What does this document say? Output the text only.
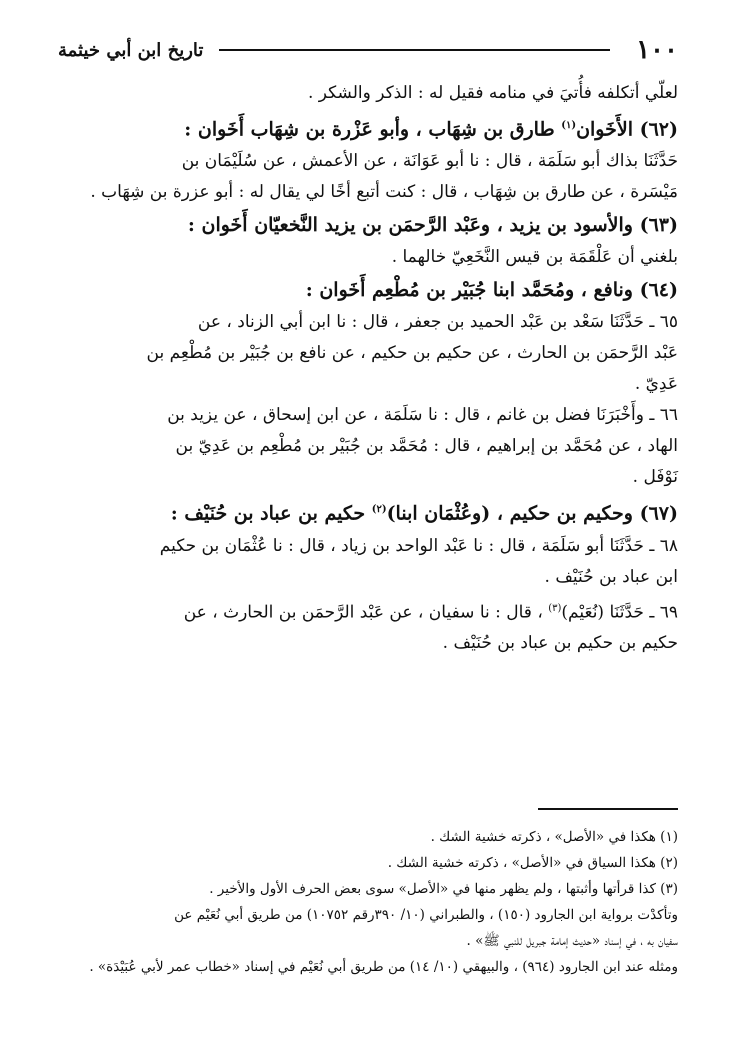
١٠٠
تاريخ ابن أبي خيثمة
لعلّي أتكلفه فأُتيَ في منامه فقيل له : الذكر والشكر .
(٦٢) الأَخَوان$^{(١)}$ طارق بن شِهَاب ، وأبو عَزْرة بن شِهَاب أَخَوان :
حَدَّثَنَا بذاك أبو سَلَمَة ، قال : نا أبو عَوَانَة ، عن الأعمش ، عن سُلَيْمَان بن
مَيْسَرة ، عن طارق بن شِهَاب ، قال : كنت أتبع أخًا لي يقال له : أبو عزرة بن شِهَاب .
(٦٣) والأسود بن يزيد ، وعَبْد الرَّحمَن بن يزيد النَّخعيّان أَخَوان :
بلغني أن عَلْقَمَة بن قيس النَّخَعِيّ خالهما .
(٦٤) ونافع ، ومُحَمَّد ابنا جُبَيْر بن مُطْعِم أَخَوان :
٦٥ ـ حَدَّثَنَا سَعْد بن عَبْد الحميد بن جعفر ، قال : نا ابن أبي الزناد ، عن
عَبْد الرَّحمَن بن الحارث ، عن حكيم بن حكيم ، عن نافع بن جُبَيْر بن مُطْعِم بن
عَدِيّ .
٦٦ ـ وأَخْبَرَنَا فضل بن غانم ، قال : نا سَلَمَة ، عن ابن إسحاق ، عن يزيد بن
الهاد ، عن مُحَمَّد بن إبراهيم ، قال : مُحَمَّد بن جُبَيْر بن مُطْعِم بن عَدِيّ بن
نَوْفَل .
(٦٧) وحكيم بن حكيم ، (وعُثْمَان ابنا)$^{(٢)}$ حكيم بن عباد بن حُنَيْف :
٦٨ ـ حَدَّثَنَا أبو سَلَمَة ، قال : نا عَبْد الواحد بن زياد ، قال : نا عُثْمَان بن حكيم
ابن عباد بن حُنَيْف .
٦٩ ـ حَدَّثَنَا (نُعَيْم)$^{(٣)}$ ، قال : نا سفيان ، عن عَبْد الرَّحمَن بن الحارث ، عن
حكيم بن حكيم بن عباد بن حُنَيْف .
(١) هكذا في «الأصل» ، ذكرته خشية الشك .
(٢) هكذا السياق في «الأصل» ، ذكرته خشية الشك .
(٣) كذا قرأتها وأثبتها ، ولم يظهر منها في «الأصل» سوى بعض الحرف الأول والأخير .
وتأكدْت برواية ابن الجارود (١٥٠) ، والطبراني (١٠/ ٣٩٠رقم ١٠٧٥٢) من طريق أبي نُعَيْم عن
سفيان به ، في إسناد «حديث إمامة جبريل للنبي ﷺ» .
ومثله عند ابن الجارود (٩٦٤) ، والبيهقي (١٠/ ١٤) من طريق أبي نُعَيْم في إسناد «خطاب عمر لأبي عُبَيْدَة» .
